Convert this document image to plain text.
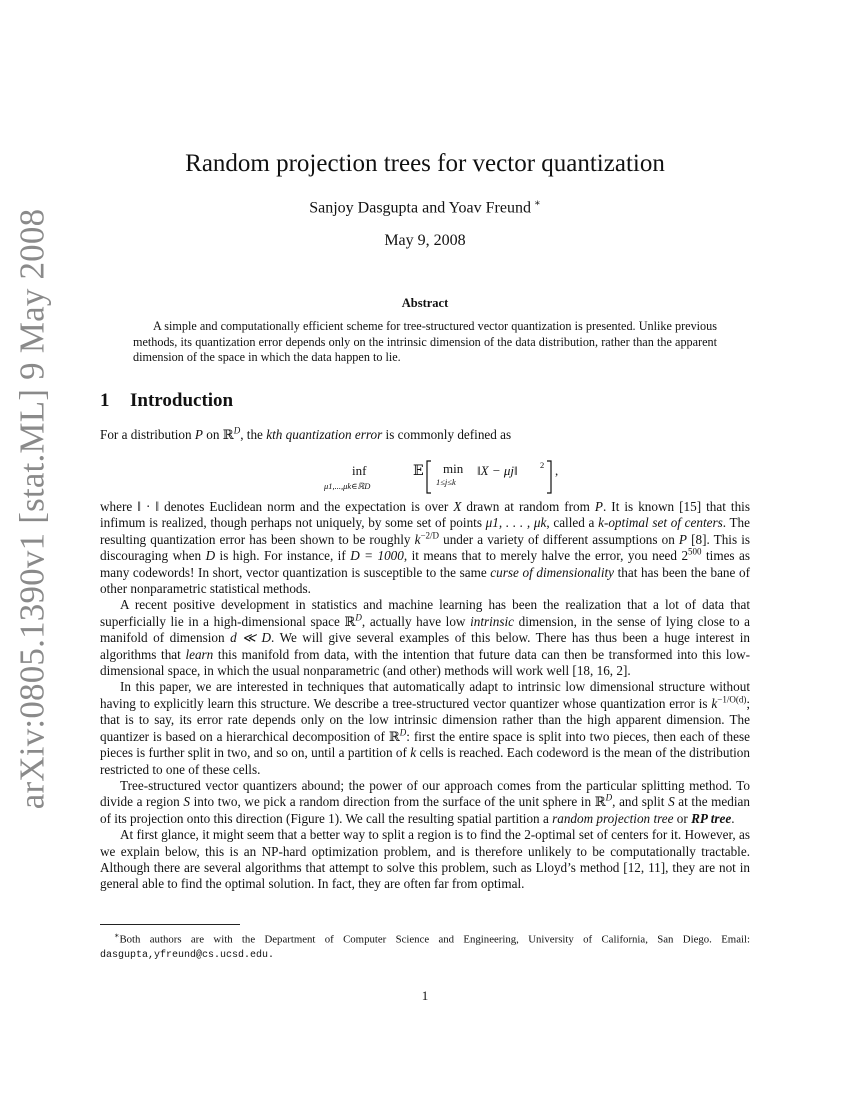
arXiv:0805.1390v1 [stat.ML] 9 May 2008
Random projection trees for vector quantization
Sanjoy Dasgupta and Yoav Freund ∗
May 9, 2008
Abstract
A simple and computationally efficient scheme for tree-structured vector quantization is presented. Unlike previous methods, its quantization error depends only on the intrinsic dimension of the data distribution, rather than the apparent dimension of the space in which the data happen to lie.
1 Introduction

For a distribution P on ℝ$^D$, the kth quantization error is commonly defined as

inf
μ1,...,μk∈ℝD
𝔼 min
1≤j≤k
‖X − μj‖	2 ,

where ‖ · ‖ denotes Euclidean norm and the expectation is over X drawn at random from P. It is known [15] that this infimum is realized, though perhaps not uniquely, by some set of points μ1, . . . , μk, called a k-optimal set of centers. The resulting quantization error has been shown to be roughly $k^{-2/D}$ under a variety of different assumptions on P [8]. This is discouraging when D is high. For instance, if D = 1000, it means that to merely halve the error, you need $2^{500}$ times as many codewords! In short, vector quantization is susceptible to the same curse of dimensionality that has been the bane of other nonparametric statistical methods.

A recent positive development in statistics and machine learning has been the realization that a lot of data that superficially lie in a high-dimensional space ℝ$^D$, actually have low intrinsic dimension, in the sense of lying close to a manifold of dimension d ≪ D. We will give several examples of this below. There has thus been a huge interest in algorithms that learn this manifold from data, with the intention that future data can then be transformed into this low-dimensional space, in which the usual nonparametric (and other) methods will work well [18, 16, 2].

In this paper, we are interested in techniques that automatically adapt to intrinsic low dimensional structure without having to explicitly learn this structure. We describe a tree-structured vector quantizer whose quantization error is $k^{-1/O(d)}$; that is to say, its error rate depends only on the low intrinsic dimension rather than the high apparent dimension. The quantizer is based on a hierarchical decomposition of ℝ$^D$: first the entire space is split into two pieces, then each of these pieces is further split in two, and so on, until a partition of k cells is reached. Each codeword is the mean of the distribution restricted to one of these cells.

Tree-structured vector quantizers abound; the power of our approach comes from the particular splitting method. To divide a region S into two, we pick a random direction from the surface of the unit sphere in ℝ$^D$, and split S at the median of its projection onto this direction (Figure 1). We call the resulting spatial partition a random projection tree or RP tree.

At first glance, it might seem that a better way to split a region is to find the 2-optimal set of centers for it. However, as we explain below, this is an NP-hard optimization problem, and is therefore unlikely to be computationally tractable. Although there are several algorithms that attempt to solve this problem, such as Lloyd’s method [12, 11], they are not in general able to find the optimal solution. In fact, they are often far from optimal.

∗Both authors are with the Department of Computer Science and Engineering, University of California, San Diego. Email: dasgupta,yfreund@cs.ucsd.edu.
1
